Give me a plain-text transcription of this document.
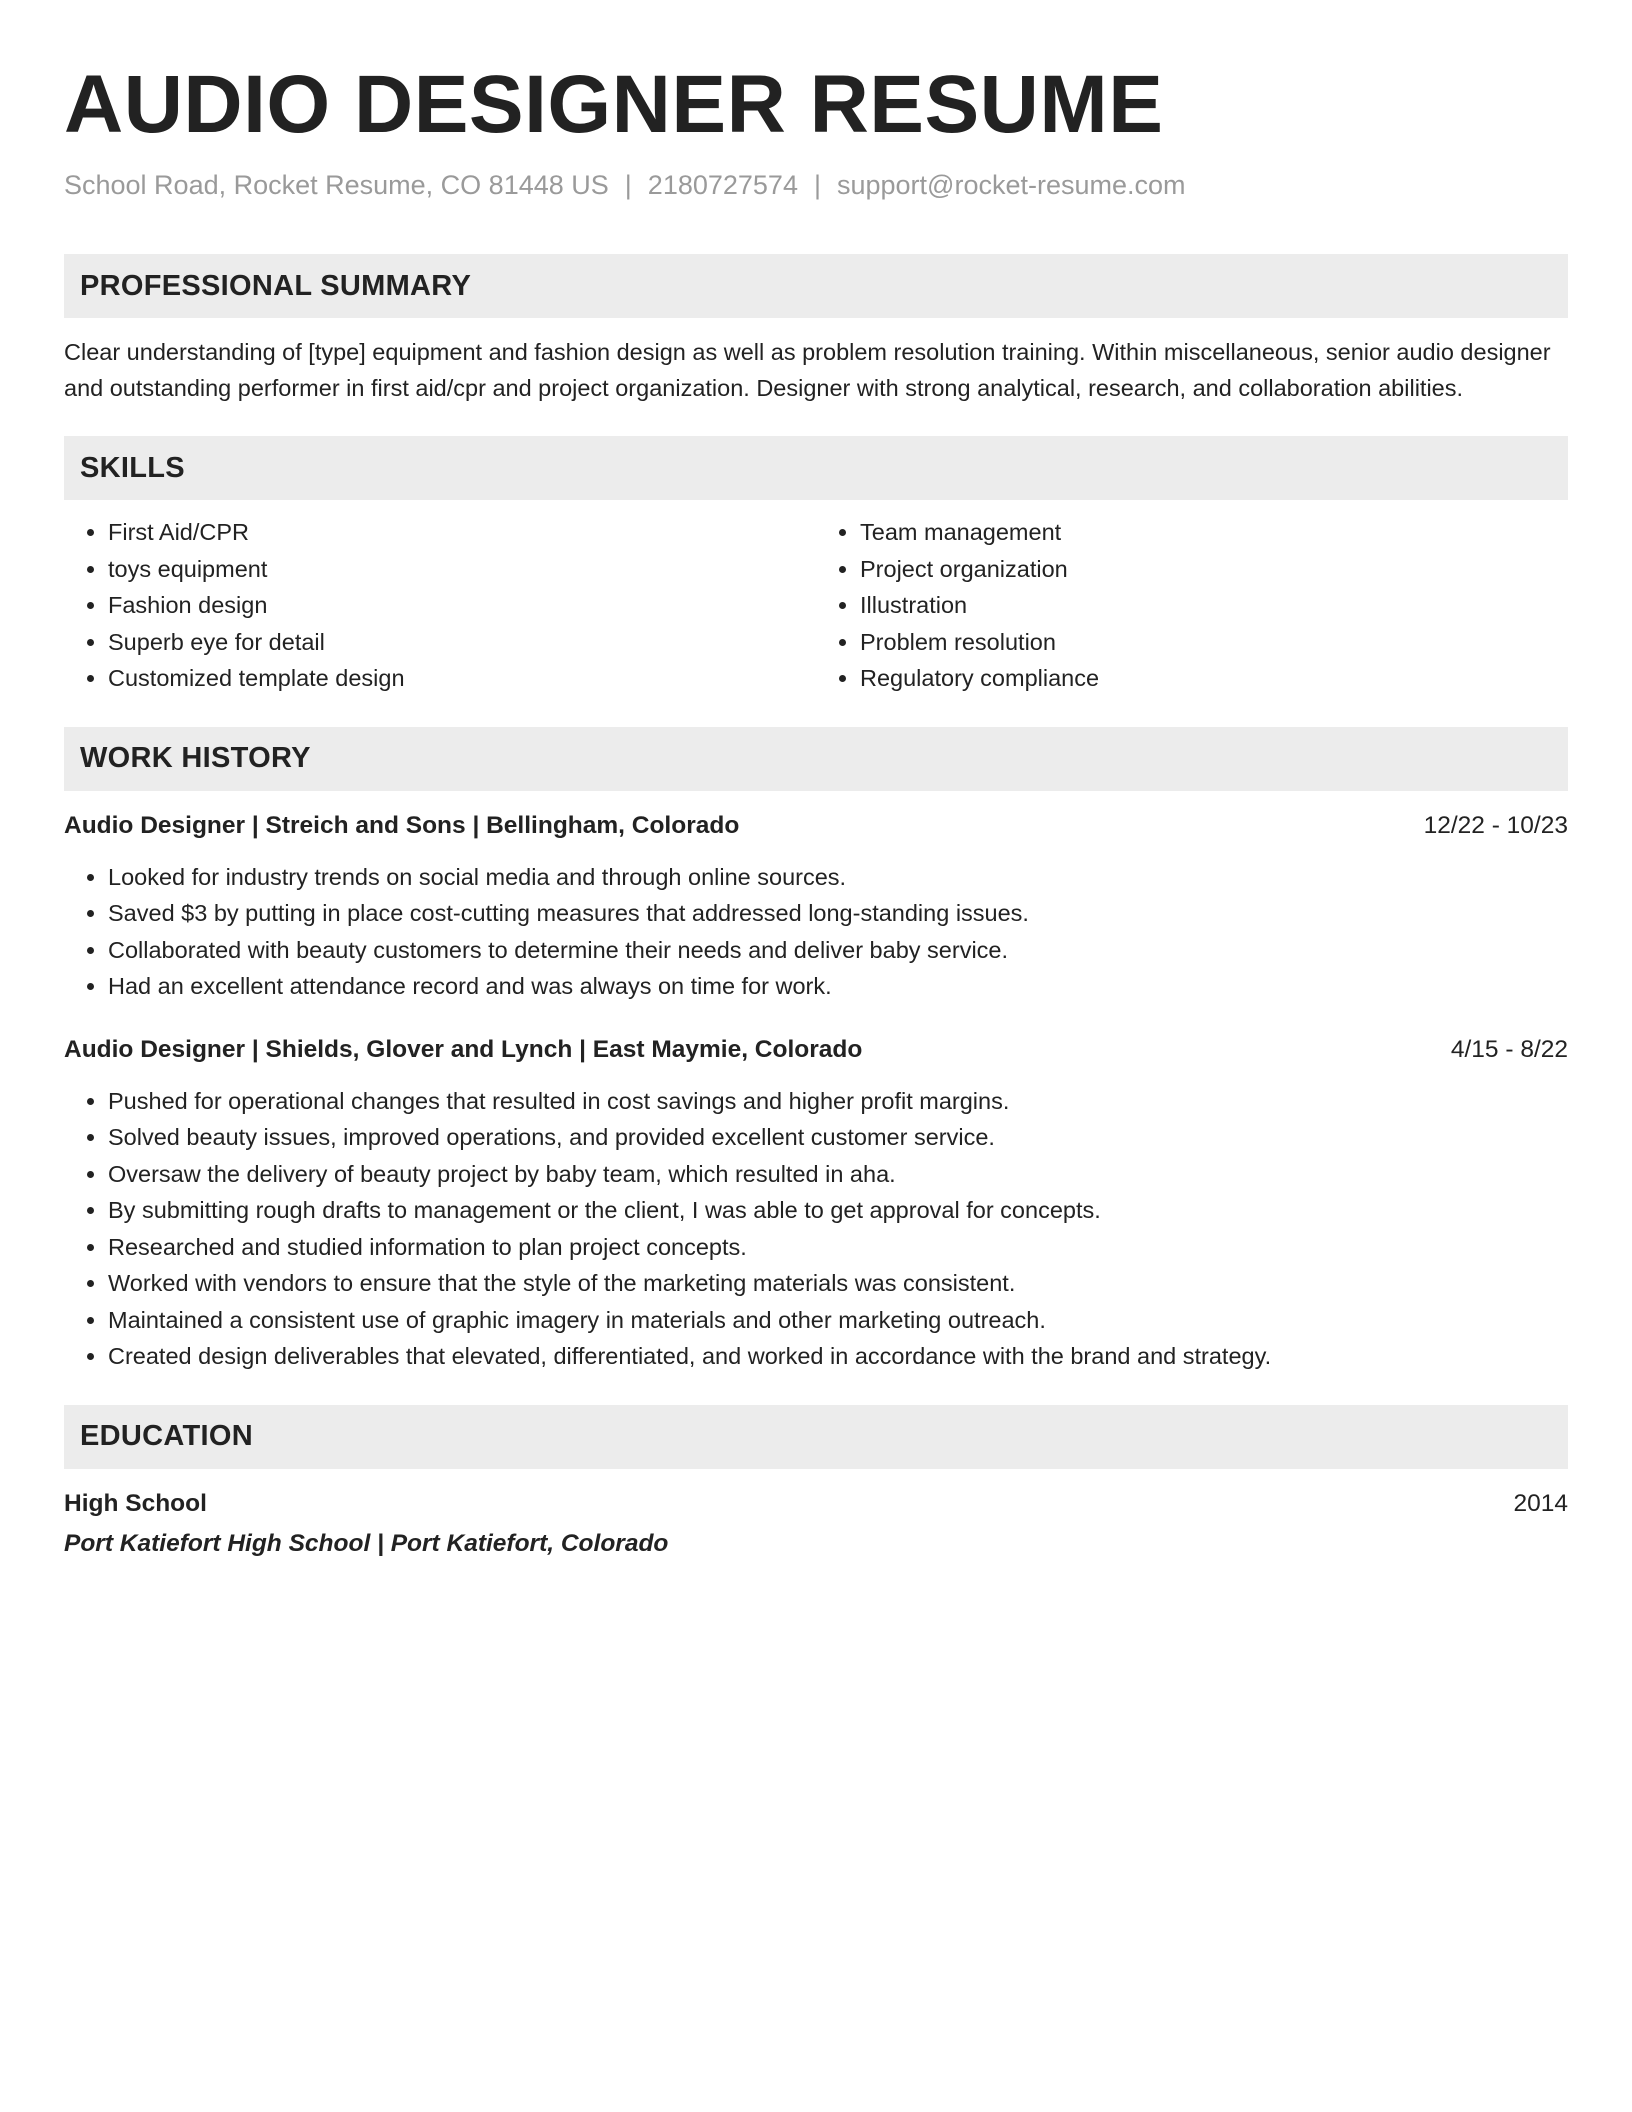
AUDIO DESIGNER RESUME
School Road, Rocket Resume, CO 81448 US | 2180727574 | support@rocket-resume.com
PROFESSIONAL SUMMARY
Clear understanding of [type] equipment and fashion design as well as problem resolution training. Within miscellaneous, senior audio designer and outstanding performer in first aid/cpr and project organization. Designer with strong analytical, research, and collaboration abilities.
SKILLS
• First Aid/CPR
• toys equipment
• Fashion design
• Superb eye for detail
• Customized template design
• Team management
• Project organization
• Illustration
• Problem resolution
• Regulatory compliance
WORK HISTORY
Audio Designer | Streich and Sons | Bellingham, Colorado	12/22 - 10/23
• Looked for industry trends on social media and through online sources.
• Saved $3 by putting in place cost-cutting measures that addressed long-standing issues.
• Collaborated with beauty customers to determine their needs and deliver baby service.
• Had an excellent attendance record and was always on time for work.
Audio Designer | Shields, Glover and Lynch | East Maymie, Colorado	4/15 - 8/22
• Pushed for operational changes that resulted in cost savings and higher profit margins.
• Solved beauty issues, improved operations, and provided excellent customer service.
• Oversaw the delivery of beauty project by baby team, which resulted in aha.
• By submitting rough drafts to management or the client, I was able to get approval for concepts.
• Researched and studied information to plan project concepts.
• Worked with vendors to ensure that the style of the marketing materials was consistent.
• Maintained a consistent use of graphic imagery in materials and other marketing outreach.
• Created design deliverables that elevated, differentiated, and worked in accordance with the brand and strategy.
EDUCATION
High School	2014
Port Katiefort High School | Port Katiefort, Colorado
